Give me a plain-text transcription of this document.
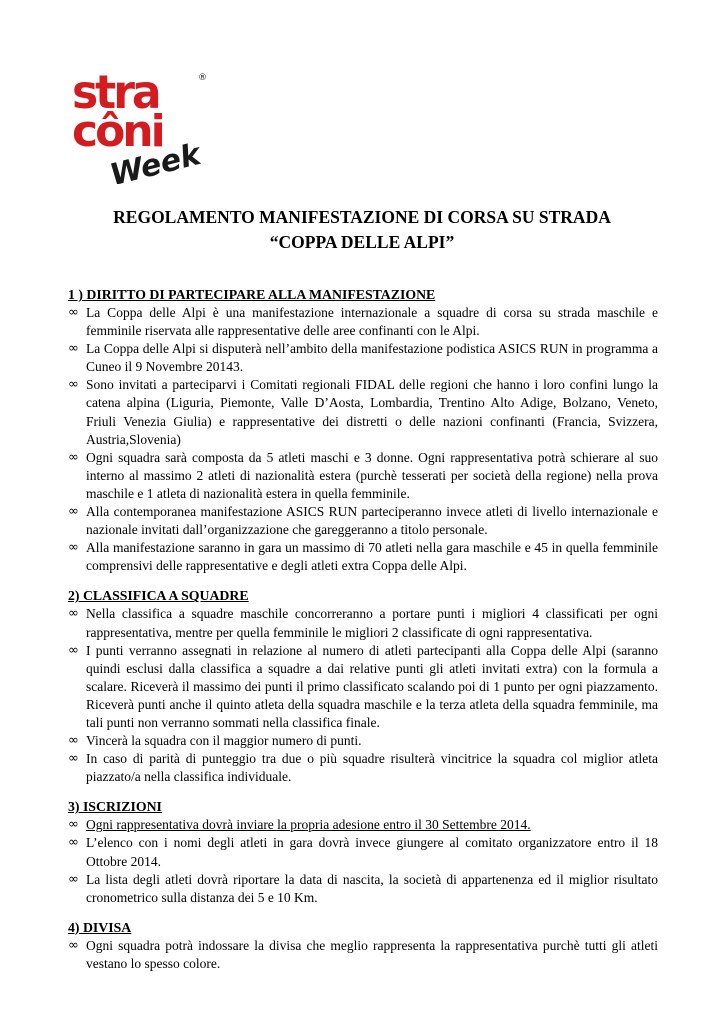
stra	®
côni
Week
REGOLAMENTO MANIFESTAZIONE DI CORSA SU STRADA
“COPPA DELLE ALPI”

1 ) DIRITTO DI PARTECIPARE ALLA MANIFESTAZIONE

∞ La Coppa delle Alpi è una manifestazione internazionale a squadre di corsa su strada maschile e femminile riservata alle rappresentative delle aree confinanti con le Alpi.
∞ La Coppa delle Alpi si disputerà nell’ambito della manifestazione podistica ASICS RUN in programma a Cuneo il 9 Novembre 20143.
∞ Sono invitati a parteciparvi i Comitati regionali FIDAL delle regioni che hanno i loro confini lungo la catena alpina (Liguria, Piemonte, Valle D’Aosta, Lombardia, Trentino Alto Adige, Bolzano, Veneto, Friuli Venezia Giulia) e rappresentative dei distretti o delle nazioni confinanti (Francia, Svizzera, Austria,Slovenia)
∞ Ogni squadra sarà composta da 5 atleti maschi e 3 donne. Ogni rappresentativa potrà schierare al suo interno al massimo 2 atleti di nazionalità estera (purchè tesserati per società della regione) nella prova maschile e 1 atleta di nazionalità estera in quella femminile.
∞ Alla contemporanea manifestazione ASICS RUN parteciperanno invece atleti di livello internazionale e nazionale invitati dall’organizzazione che gareggeranno a titolo personale.
∞ Alla manifestazione saranno in gara un massimo di 70 atleti nella gara maschile e 45 in quella femminile comprensivi delle rappresentative e degli atleti extra Coppa delle Alpi.

2) CLASSIFICA A SQUADRE

∞ Nella classifica a squadre maschile concorreranno a portare punti i migliori 4 classificati per ogni rappresentativa, mentre per quella femminile le migliori 2 classificate di ogni rappresentativa.
∞ I punti verranno assegnati in relazione al numero di atleti partecipanti alla Coppa delle Alpi (saranno quindi esclusi dalla classifica a squadre a dai relative punti gli atleti invitati extra) con la formula a scalare. Riceverà il massimo dei punti il primo classificato scalando poi di 1 punto per ogni piazzamento. Riceverà punti anche il quinto atleta della squadra maschile e la terza atleta della squadra femminile, ma tali punti non verranno sommati nella classifica finale.
∞ Vincerà la squadra con il maggior numero di punti.
∞ In caso di parità di punteggio tra due o più squadre risulterà vincitrice la squadra col miglior atleta piazzato/a nella classifica individuale.

3) ISCRIZIONI

∞ Ogni rappresentativa dovrà inviare la propria adesione entro il 30 Settembre 2014.
∞ L’elenco con i nomi degli atleti in gara dovrà invece giungere al comitato organizzatore entro il 18 Ottobre 2014.
∞ La lista degli atleti dovrà riportare la data di nascita, la società di appartenenza ed il miglior risultato cronometrico sulla distanza dei 5 e 10 Km.

4) DIVISA

∞ Ogni squadra potrà indossare la divisa che meglio rappresenta la rappresentativa purchè tutti gli atleti vestano lo spesso colore.
